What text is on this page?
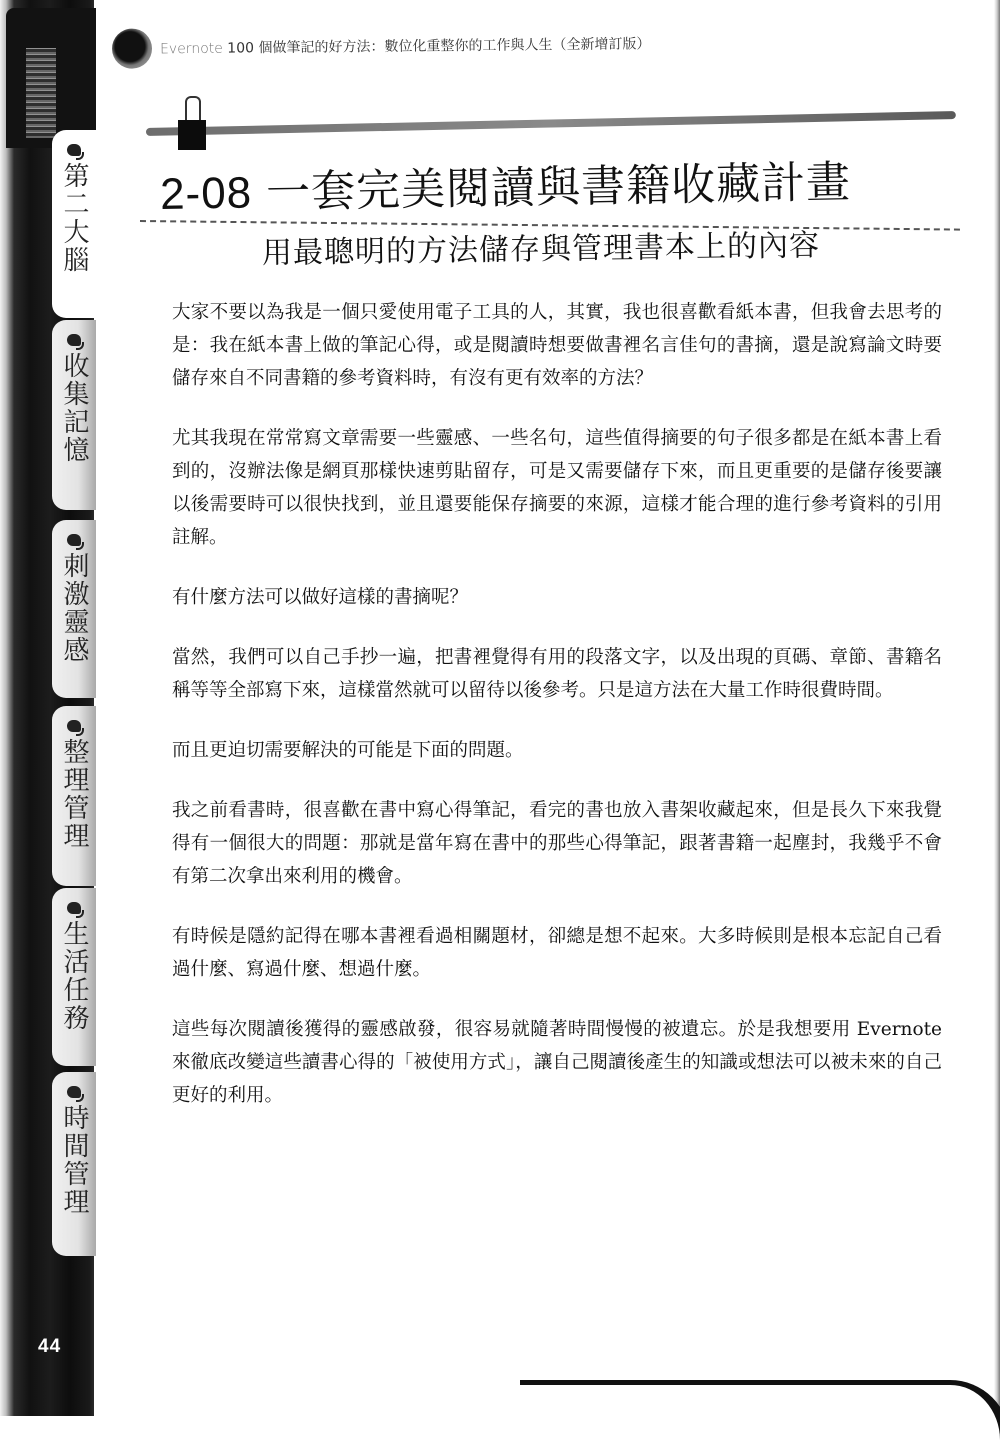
第二大腦
收集記憶
刺激靈感
整理管理
生活任務
時間管理
44
Evernote 100 個做筆記的好方法：數位化重整你的工作與人生（全新增訂版）
2-08 一套完美閱讀與書籍收藏計畫
用最聰明的方法儲存與管理書本上的內容

大家不要以為我是一個只愛使用電子工具的人，其實，我也很喜歡看紙本書，但我會去思考的是：我在紙本書上做的筆記心得，或是閱讀時想要做書裡名言佳句的書摘，還是說寫論文時要儲存來自不同書籍的參考資料時，有沒有更有效率的方法？

尤其我現在常常寫文章需要一些靈感、一些名句，這些值得摘要的句子很多都是在紙本書上看到的，沒辦法像是網頁那樣快速剪貼留存，可是又需要儲存下來，而且更重要的是儲存後要讓以後需要時可以很快找到，並且還要能保存摘要的來源，這樣才能合理的進行參考資料的引用註解。

有什麼方法可以做好這樣的書摘呢？

當然，我們可以自己手抄一遍，把書裡覺得有用的段落文字，以及出現的頁碼、章節、書籍名稱等等全部寫下來，這樣當然就可以留待以後參考。只是這方法在大量工作時很費時間。

而且更迫切需要解決的可能是下面的問題。

我之前看書時，很喜歡在書中寫心得筆記，看完的書也放入書架收藏起來，但是長久下來我覺得有一個很大的問題：那就是當年寫在書中的那些心得筆記，跟著書籍一起塵封，我幾乎不會有第二次拿出來利用的機會。

有時候是隱約記得在哪本書裡看過相關題材，卻總是想不起來。大多時候則是根本忘記自己看過什麼、寫過什麼、想過什麼。

這些每次閱讀後獲得的靈感啟發，很容易就隨著時間慢慢的被遺忘。於是我想要用 Evernote 來徹底改變這些讀書心得的「被使用方式」，讓自己閱讀後產生的知識或想法可以被未來的自己更好的利用。
